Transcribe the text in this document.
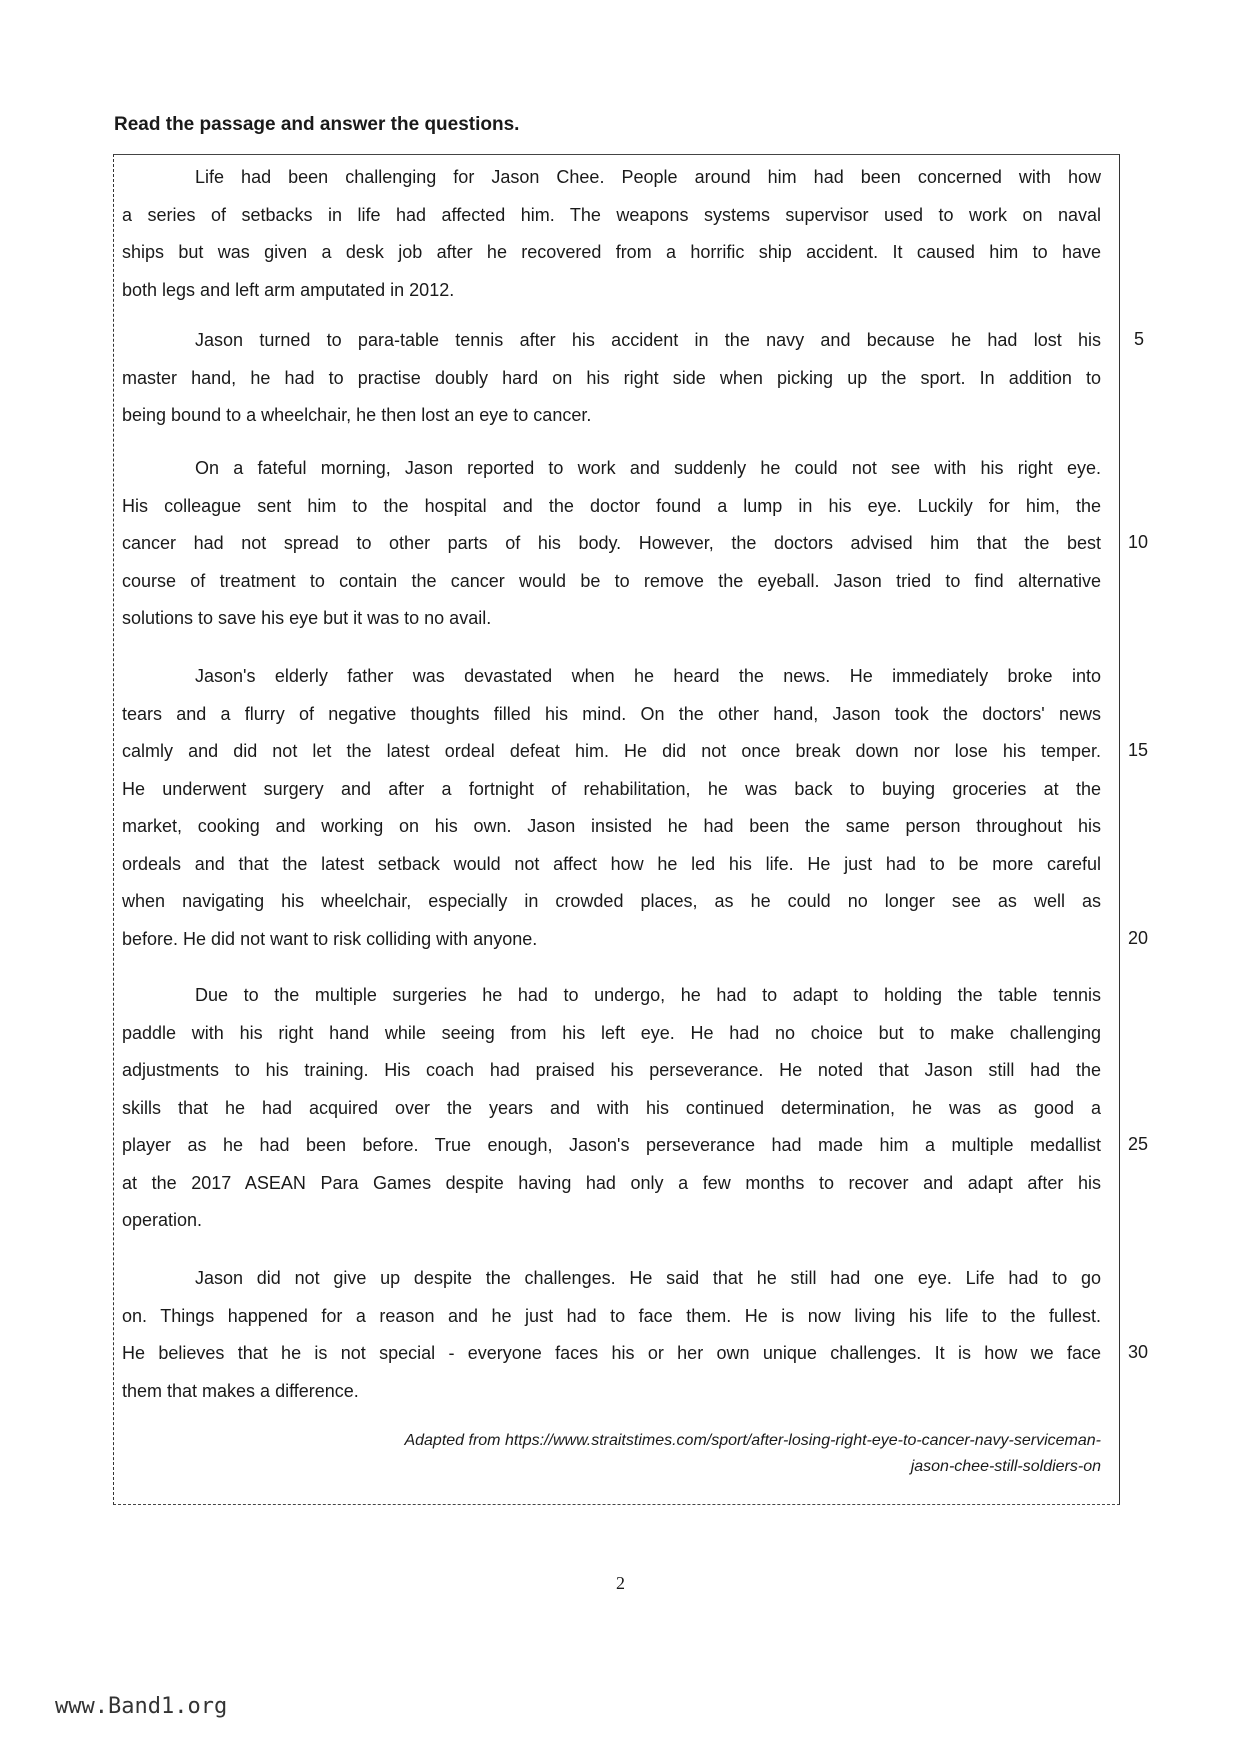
Read the passage and answer the questions.
Life had been challenging for Jason Chee. People around him had been concerned with how
a series of setbacks in life had affected him. The weapons systems supervisor used to work on naval
ships but was given a desk job after he recovered from a horrific ship accident. It caused him to have
both legs and left arm amputated in 2012.
Jason turned to para-table tennis after his accident in the navy and because he had lost his
master hand, he had to practise doubly hard on his right side when picking up the sport. In addition to
being bound to a wheelchair, he then lost an eye to cancer.
On a fateful morning, Jason reported to work and suddenly he could not see with his right eye.
His colleague sent him to the hospital and the doctor found a lump in his eye. Luckily for him, the
cancer had not spread to other parts of his body. However, the doctors advised him that the best
course of treatment to contain the cancer would be to remove the eyeball. Jason tried to find alternative
solutions to save his eye but it was to no avail.
Jason's elderly father was devastated when he heard the news. He immediately broke into
tears and a flurry of negative thoughts filled his mind. On the other hand, Jason took the doctors' news
calmly and did not let the latest ordeal defeat him. He did not once break down nor lose his temper.
He underwent surgery and after a fortnight of rehabilitation, he was back to buying groceries at the
market, cooking and working on his own. Jason insisted he had been the same person throughout his
ordeals and that the latest setback would not affect how he led his life. He just had to be more careful
when navigating his wheelchair, especially in crowded places, as he could no longer see as well as
before. He did not want to risk colliding with anyone.
Due to the multiple surgeries he had to undergo, he had to adapt to holding the table tennis
paddle with his right hand while seeing from his left eye. He had no choice but to make challenging
adjustments to his training. His coach had praised his perseverance. He noted that Jason still had the
skills that he had acquired over the years and with his continued determination, he was as good a
player as he had been before. True enough, Jason's perseverance had made him a multiple medallist
at the 2017 ASEAN Para Games despite having had only a few months to recover and adapt after his
operation.
Jason did not give up despite the challenges. He said that he still had one eye. Life had to go
on. Things happened for a reason and he just had to face them. He is now living his life to the fullest.
He believes that he is not special - everyone faces his or her own unique challenges. It is how we face
them that makes a difference.
Adapted from https://www.straitstimes.com/sport/after-losing-right-eye-to-cancer-navy-serviceman-
jason-chee-still-soldiers-on
5
10
15
20
25
30
2
www.Band1.org
